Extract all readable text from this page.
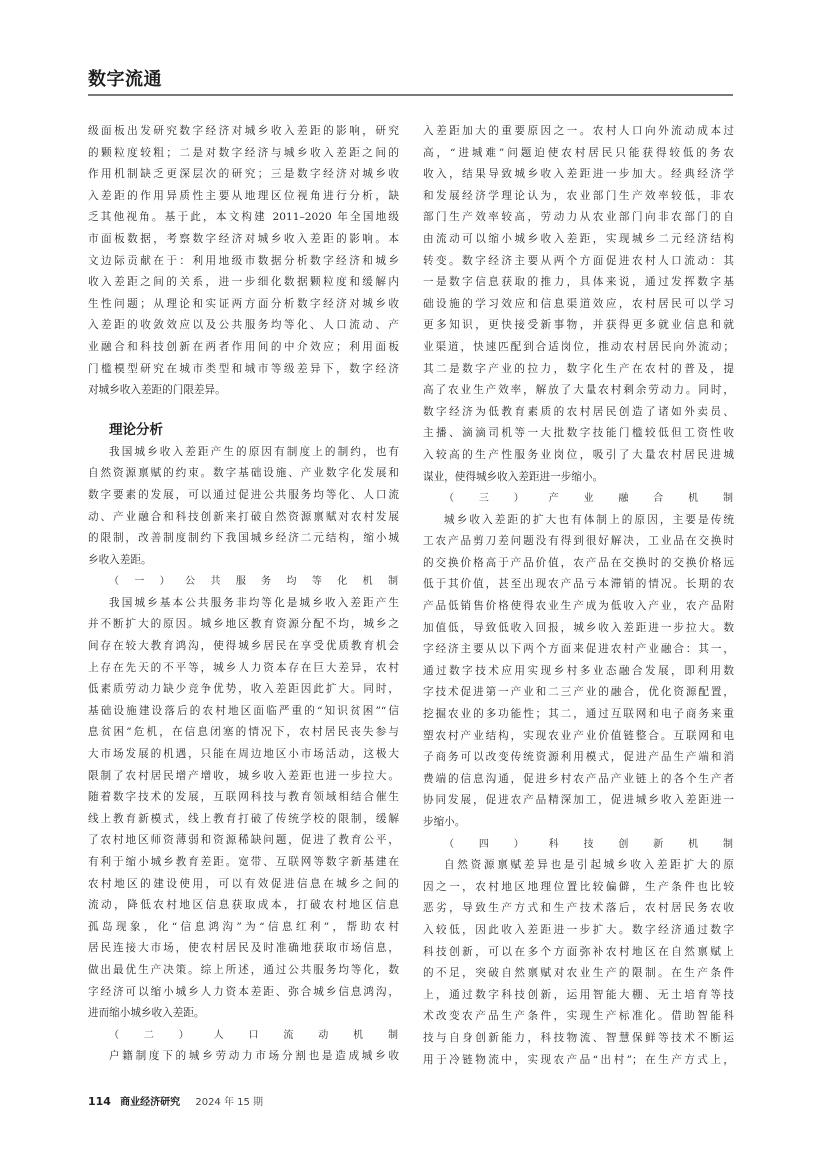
数字流通
级面板出发研究数字经济对城乡收入差距的影响，研究
的颗粒度较粗；二是对数字经济与城乡收入差距之间的
作用机制缺乏更深层次的研究；三是数字经济对城乡收
入差距的作用异质性主要从地理区位视角进行分析，缺
乏其他视角。基于此，本文构建 2011–2020 年全国地级
市面板数据，考察数字经济对城乡收入差距的影响。本
文边际贡献在于：利用地级市数据分析数字经济和城乡
收入差距之间的关系，进一步细化数据颗粒度和缓解内
生性问题；从理论和实证两方面分析数字经济对城乡收
入差距的收敛效应以及公共服务均等化、人口流动、产
业融合和科技创新在两者作用间的中介效应；利用面板
门槛模型研究在城市类型和城市等级差异下，数字经济
对城乡收入差距的门限差异。
理论分析
我国城乡收入差距产生的原因有制度上的制约，也有
自然资源禀赋的约束。数字基础设施、产业数字化发展和
数字要素的发展，可以通过促进公共服务均等化、人口流
动、产业融合和科技创新来打破自然资源禀赋对农村发展
的限制，改善制度制约下我国城乡经济二元结构，缩小城
乡收入差距。
（一）公共服务均等化机制
我国城乡基本公共服务非均等化是城乡收入差距产生
并不断扩大的原因。城乡地区教育资源分配不均，城乡之
间存在较大教育鸿沟，使得城乡居民在享受优质教育机会
上存在先天的不平等，城乡人力资本存在巨大差异，农村
低素质劳动力缺少竞争优势，收入差距因此扩大。同时，
基础设施建设落后的农村地区面临严重的“知识贫困”“信
息贫困”危机，在信息闭塞的情况下，农村居民丧失参与
大市场发展的机遇，只能在周边地区小市场活动，这极大
限制了农村居民增产增收，城乡收入差距也进一步拉大。
随着数字技术的发展，互联网科技与教育领域相结合催生
线上教育新模式，线上教育打破了传统学校的限制，缓解
了农村地区师资薄弱和资源稀缺问题，促进了教育公平，
有利于缩小城乡教育差距。宽带、互联网等数字新基建在
农村地区的建设使用，可以有效促进信息在城乡之间的
流动，降低农村地区信息获取成本，打破农村地区信息
孤岛现象，化“信息鸿沟”为“信息红利”，帮助农村
居民连接大市场，使农村居民及时准确地获取市场信息，
做出最优生产决策。综上所述，通过公共服务均等化，数
字经济可以缩小城乡人力资本差距、弥合城乡信息鸿沟，
进而缩小城乡收入差距。
（二）人口流动机制
户籍制度下的城乡劳动力市场分割也是造成城乡收
入差距加大的重要原因之一。农村人口向外流动成本过
高，“进城难”问题迫使农村居民只能获得较低的务农
收入，结果导致城乡收入差距进一步加大。经典经济学
和发展经济学理论认为，农业部门生产效率较低，非农
部门生产效率较高，劳动力从农业部门向非农部门的自
由流动可以缩小城乡收入差距，实现城乡二元经济结构
转变。数字经济主要从两个方面促进农村人口流动：其
一是数字信息获取的推力，具体来说，通过发挥数字基
础设施的学习效应和信息渠道效应，农村居民可以学习
更多知识，更快接受新事物，并获得更多就业信息和就
业渠道，快速匹配到合适岗位，推动农村居民向外流动；
其二是数字产业的拉力，数字化生产在农村的普及，提
高了农业生产效率，解放了大量农村剩余劳动力。同时，
数字经济为低教育素质的农村居民创造了诸如外卖员、
主播、滴滴司机等一大批数字技能门槛较低但工资性收
入较高的生产性服务业岗位，吸引了大量农村居民进城
谋业，使得城乡收入差距进一步缩小。
（三）产业融合机制
城乡收入差距的扩大也有体制上的原因，主要是传统
工农产品剪刀差问题没有得到很好解决，工业品在交换时
的交换价格高于产品价值，农产品在交换时的交换价格远
低于其价值，甚至出现农产品亏本滞销的情况。长期的农
产品低销售价格使得农业生产成为低收入产业，农产品附
加值低，导致低收入回报，城乡收入差距进一步拉大。数
字经济主要从以下两个方面来促进农村产业融合：其一，
通过数字技术应用实现乡村多业态融合发展，即利用数
字技术促进第一产业和二三产业的融合，优化资源配置，
挖掘农业的多功能性；其二，通过互联网和电子商务来重
塑农村产业结构，实现农业产业价值链整合。互联网和电
子商务可以改变传统资源利用模式，促进产品生产端和消
费端的信息沟通，促进乡村农产品产业链上的各个生产者
协同发展，促进农产品精深加工，促进城乡收入差距进一
步缩小。
（四）科技创新机制
自然资源禀赋差异也是引起城乡收入差距扩大的原
因之一，农村地区地理位置比较偏僻，生产条件也比较
恶劣，导致生产方式和生产技术落后，农村居民务农收
入较低，因此收入差距进一步扩大。数字经济通过数字
科技创新，可以在多个方面弥补农村地区在自然禀赋上
的不足，突破自然禀赋对农业生产的限制。在生产条件
上，通过数字科技创新，运用智能大棚、无土培育等技
术改变农产品生产条件，实现生产标准化。借助智能科
技与自身创新能力，科技物流、智慧保鲜等技术不断运
用于冷链物流中，实现农产品“出村”；在生产方式上，
114 商业经济研究 2024 年 15 期
